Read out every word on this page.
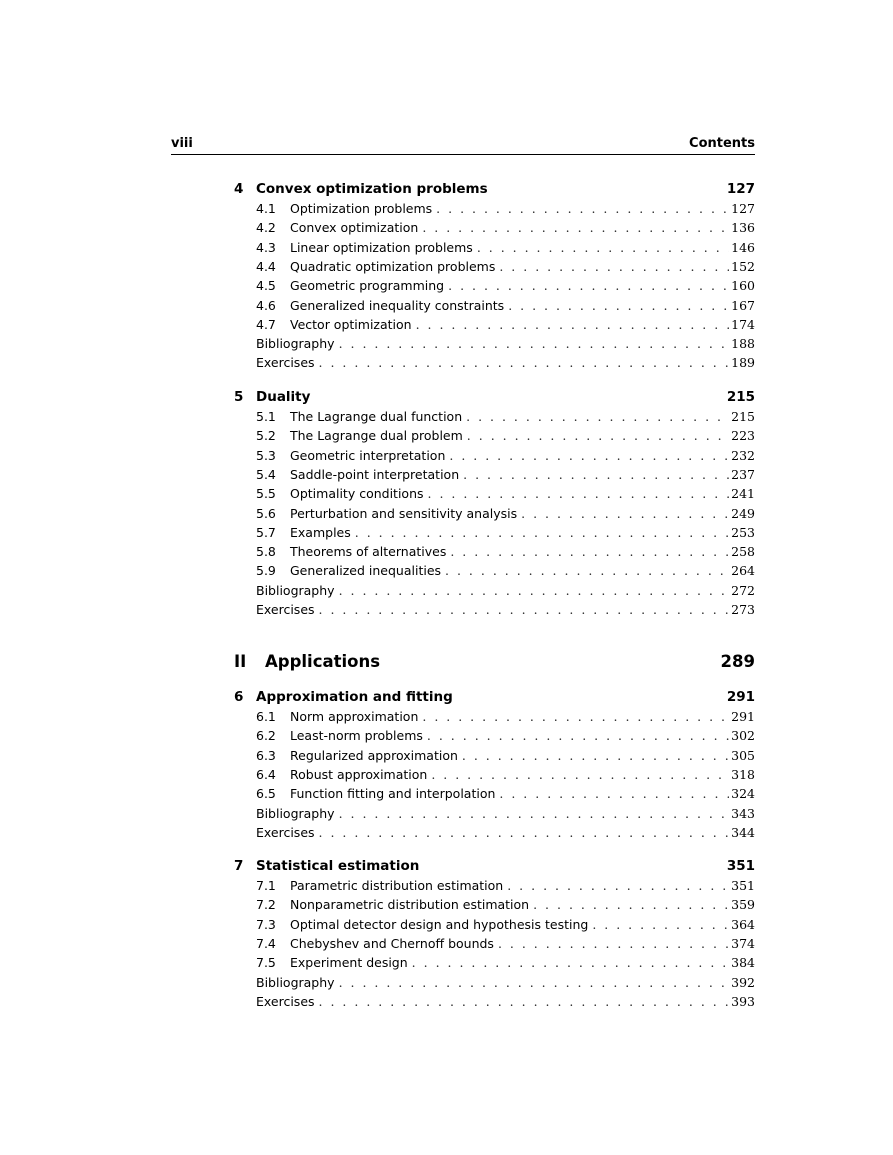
viii	Contents
4 Convex optimization problems	127
4.1	Optimization problems . . .	127
4.2	Convex optimization . . .	136
4.3	Linear optimization problems . . .	146
4.4	Quadratic optimization problems . . .	152
4.5	Geometric programming . . .	160
4.6	Generalized inequality constraints . . .	167
4.7	Vector optimization . . .	174
Bibliography . . .	188
Exercises . . .	189
5 Duality	215
5.1	The Lagrange dual function . . .	215
5.2	The Lagrange dual problem . . .	223
5.3	Geometric interpretation . . .	232
5.4	Saddle-point interpretation . . .	237
5.5	Optimality conditions . . .	241
5.6	Perturbation and sensitivity analysis . . .	249
5.7	Examples . . .	253
5.8	Theorems of alternatives . . .	258
5.9	Generalized inequalities . . .	264
Bibliography . . .	272
Exercises . . .	273
II	Applications	289
6 Approximation and fitting	291
6.1	Norm approximation . . .	291
6.2	Least-norm problems . . .	302
6.3	Regularized approximation . . .	305
6.4	Robust approximation . . .	318
6.5	Function fitting and interpolation . . .	324
Bibliography . . .	343
Exercises . . .	344
7 Statistical estimation	351
7.1	Parametric distribution estimation . . .	351
7.2	Nonparametric distribution estimation . . .	359
7.3	Optimal detector design and hypothesis testing . . .	364
7.4	Chebyshev and Chernoff bounds . . .	374
7.5	Experiment design . . .	384
Bibliography . . .	392
Exercises . . .	393
